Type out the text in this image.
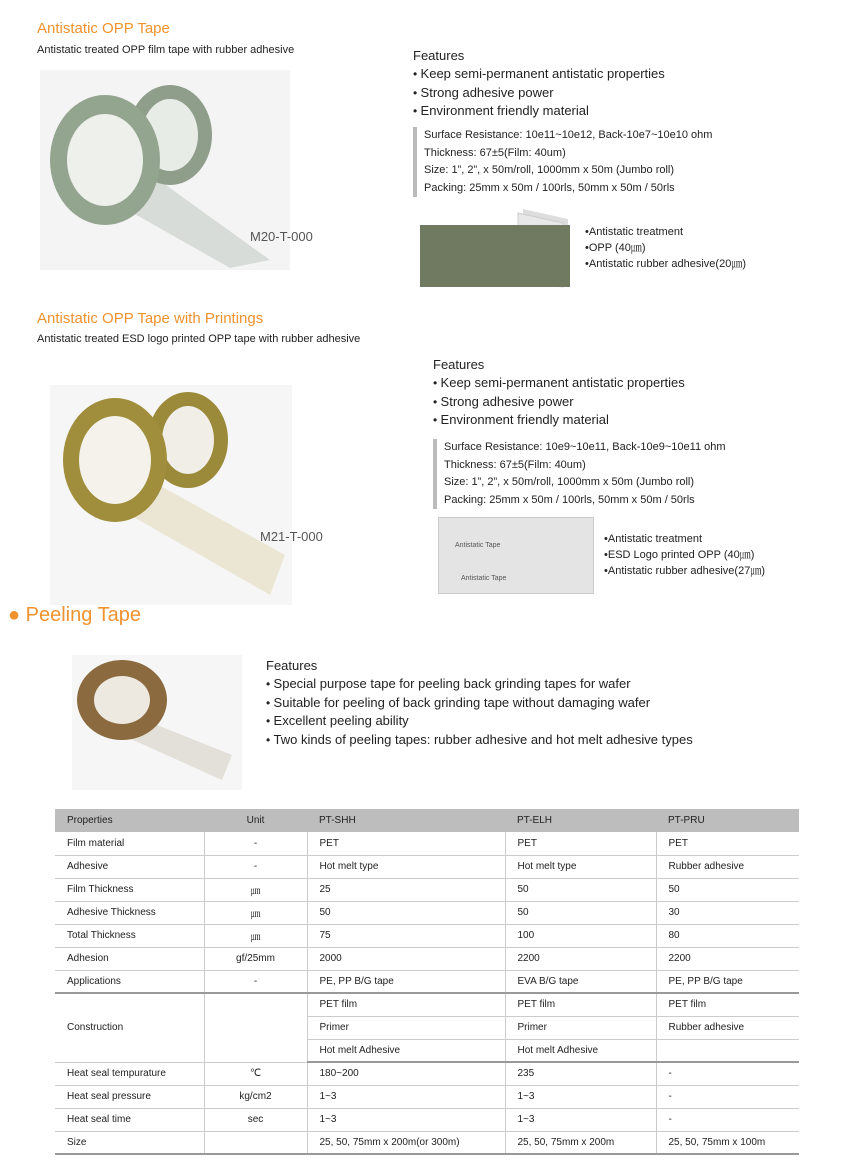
Antistatic OPP Tape
Antistatic treated OPP film tape with rubber adhesive
M20-T-000
Features
• Keep semi-permanent antistatic properties
• Strong adhesive power
• Environment friendly material
Surface Resistance: 10e11~10e12, Back-10e7~10e10 ohm
Thickness: 67±5(Film: 40um)
Size: 1”, 2”, x 50m/roll, 1000mm x 50m (Jumbo roll)
Packing: 25mm x 50m / 100rls, 50mm x 50m / 50rls
• Antistatic treatment
• OPP (40㎛)
• Antistatic rubber adhesive(20㎛)
Antistatic OPP Tape with Printings
Antistatic treated ESD logo printed OPP tape with rubber adhesive
M21-T-000
Features
• Keep semi-permanent antistatic properties
• Strong adhesive power
• Environment friendly material
Surface Resistance: 10e9~10e11, Back-10e9~10e11 ohm
Thickness: 67±5(Film: 40um)
Size: 1”, 2”, x 50m/roll, 1000mm x 50m (Jumbo roll)
Packing: 25mm x 50m / 100rls, 50mm x 50m / 50rls
Antistatic Tape
Antistatic Tape
• Antistatic treatment
• ESD Logo printed OPP (40㎛)
• Antistatic rubber adhesive(27㎛)
● Peeling Tape
Features
• Special purpose tape for peeling back grinding tapes for wafer
• Suitable for peeling of back grinding tape without damaging wafer
• Excellent peeling ability
• Two kinds of peeling tapes: rubber adhesive and hot melt adhesive types
Properties	Unit	PT-SHH	PT-ELH	PT-PRU
Film material	-	PET	PET	PET
Adhesive	-	Hot melt type	Hot melt type	Rubber adhesive
Film Thickness	㎛	25	50	50
Adhesive Thickness	㎛	50	50	30
Total Thickness	㎛	75	100	80
Adhesion	gf/25mm	2000	2200	2200
Applications	-	PE, PP B/G tape	EVA B/G tape	PE, PP B/G tape
Construction		PET film	PET film	PET film
		Primer	Primer	Rubber adhesive
		Hot melt Adhesive	Hot melt Adhesive	
Heat seal tempurature	℃	180~200	235	-
Heat seal pressure	kg/cm2	1~3	1~3	-
Heat seal time	sec	1~3	1~3	-
Size		25, 50, 75mm x 200m(or 300m)	25, 50, 75mm x 200m	25, 50, 75mm x 100m
